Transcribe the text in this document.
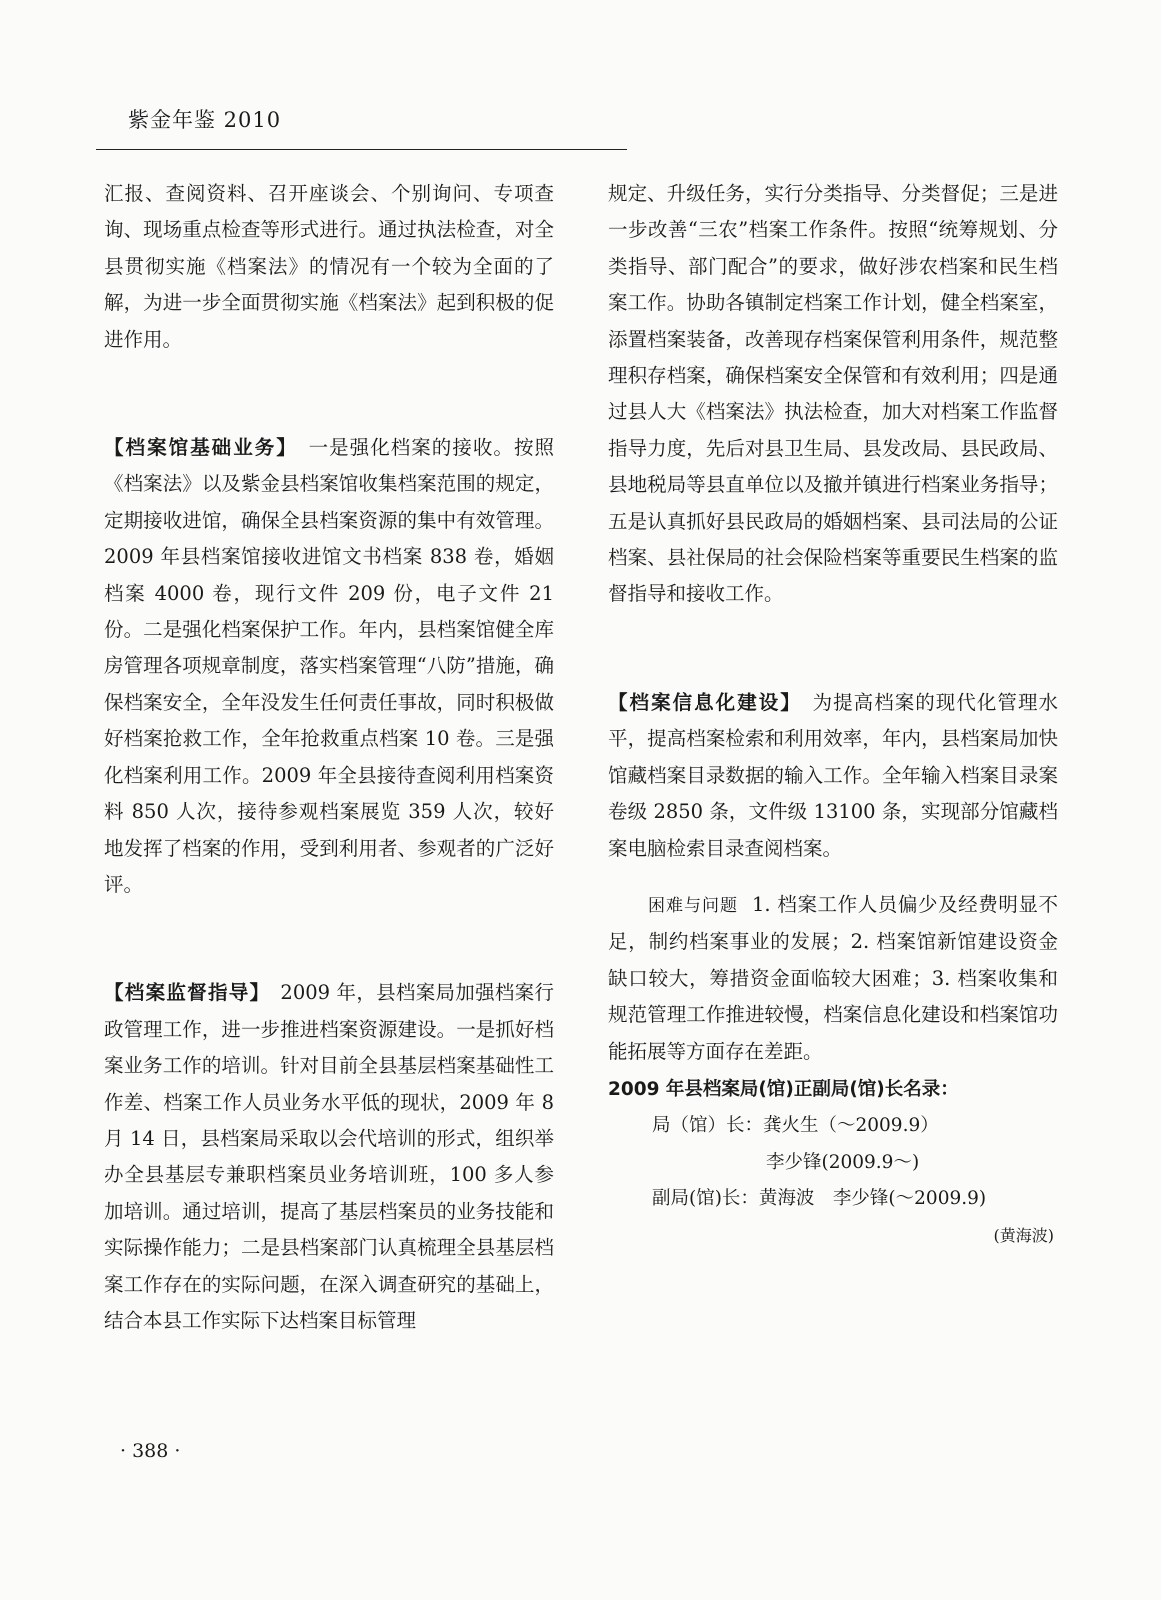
紫金年鉴 2010

汇报、查阅资料、召开座谈会、个别询问、专项查询、现场重点检查等形式进行。通过执法检查，对全县贯彻实施《档案法》的情况有一个较为全面的了解，为进一步全面贯彻实施《档案法》起到积极的促进作用。

【档案馆基础业务】　 一是强化档案的接收。按照《档案法》以及紫金县档案馆收集档案范围的规定，定期接收进馆，确保全县档案资源的集中有效管理。2009 年县档案馆接收进馆文书档案 838 卷，婚姻档案 4000 卷，现行文件 209 份，电子文件 21 份。二是强化档案保护工作。年内，县档案馆健全库房管理各项规章制度，落实档案管理“八防”措施，确保档案安全，全年没发生任何责任事故，同时积极做好档案抢救工作，全年抢救重点档案 10 卷。三是强化档案利用工作。2009 年全县接待查阅利用档案资料 850 人次，接待参观档案展览 359 人次，较好地发挥了档案的作用，受到利用者、参观者的广泛好评。

【档案监督指导】　 2009 年，县档案局加强档案行政管理工作，进一步推进档案资源建设。一是抓好档案业务工作的培训。针对目前全县基层档案基础性工作差、档案工作人员业务水平低的现状，2009 年 8 月 14 日，县档案局采取以会代培训的形式，组织举办全县基层专兼职档案员业务培训班，100 多人参加培训。通过培训，提高了基层档案员的业务技能和实际操作能力；二是县档案部门认真梳理全县基层档案工作存在的实际问题，在深入调查研究的基础上，结合本县工作实际下达档案目标管理

规定、升级任务，实行分类指导、分类督促；三是进一步改善“三农”档案工作条件。按照“统筹规划、分类指导、部门配合”的要求，做好涉农档案和民生档案工作。协助各镇制定档案工作计划，健全档案室，添置档案装备，改善现存档案保管利用条件，规范整理积存档案，确保档案安全保管和有效利用；四是通过县人大《档案法》执法检查，加大对档案工作监督指导力度，先后对县卫生局、县发改局、县民政局、县地税局等县直单位以及撤并镇进行档案业务指导；五是认真抓好县民政局的婚姻档案、县司法局的公证档案、县社保局的社会保险档案等重要民生档案的监督指导和接收工作。

【档案信息化建设】　 为提高档案的现代化管理水平，提高档案检索和利用效率，年内，县档案局加快馆藏档案目录数据的输入工作。全年输入档案目录案卷级 2850 条，文件级 13100 条，实现部分馆藏档案电脑检索目录查阅档案。

困难与问题 1. 档案工作人员偏少及经费明显不足，制约档案事业的发展；2. 档案馆新馆建设资金缺口较大，筹措资金面临较大困难；3. 档案收集和规范管理工作推进较慢，档案信息化建设和档案馆功能拓展等方面存在差距。

2009 年县档案局(馆)正副局(馆)长名录：
局（馆）长：龚火生（～2009.9）
李少锋(2009.9～)
副局(馆)长：黄海波　李少锋(～2009.9)
(黄海波)
· 388 ·
